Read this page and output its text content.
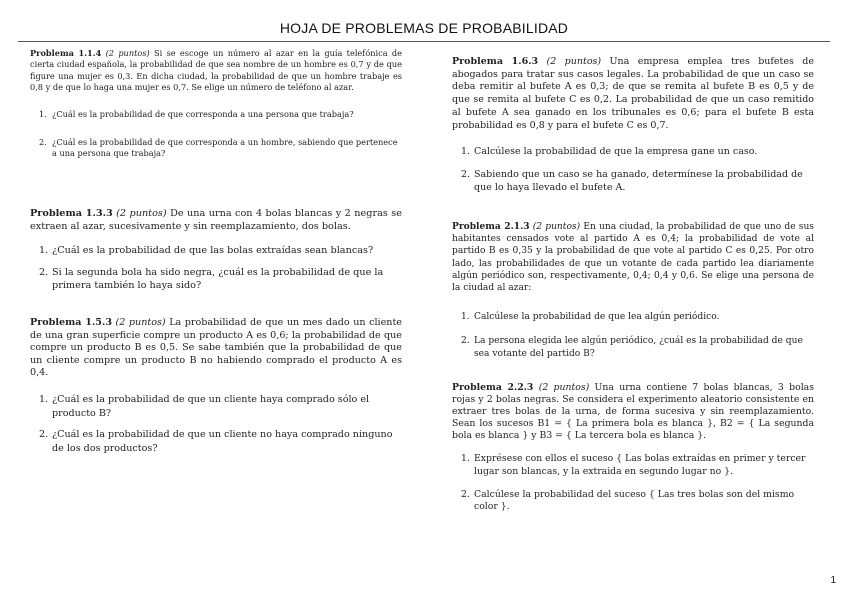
HOJA DE PROBLEMAS DE PROBABILIDAD

Problema 1.1.4 (2 puntos) Si se escoge un número al azar en la guía telefónica de cierta ciudad española, la probabilidad de que sea nombre de un hombre es 0,7 y de que figure una mujer es 0,3. En dicha ciudad, la probabilidad de que un hombre trabaje es 0,8 y de que lo haga una mujer es 0,7. Se elige un número de teléfono al azar.

1. ¿Cuál es la probabilidad de que corresponda a una persona que trabaja?
2. ¿Cuál es la probabilidad de que corresponda a un hombre, sabiendo que pertenece a una persona que trabaja?

Problema 1.3.3 (2 puntos) De una urna con 4 bolas blancas y 2 negras se extraen al azar, sucesivamente y sin reemplazamiento, dos bolas.

1. ¿Cuál es la probabilidad de que las bolas extraídas sean blancas?
2. Si la segunda bola ha sido negra, ¿cuál es la probabilidad de que la primera también lo haya sido?

Problema 1.5.3 (2 puntos) La probabilidad de que un mes dado un cliente de una gran superficie compre un producto A es 0,6; la probabilidad de que compre un producto B es 0,5. Se sabe también que la probabilidad de que un cliente compre un producto B no habiendo comprado el producto A es 0,4.

1. ¿Cuál es la probabilidad de que un cliente haya comprado sólo el producto B?
2. ¿Cuál es la probabilidad de que un cliente no haya comprado ninguno de los dos productos?

Problema 1.6.3 (2 puntos) Una empresa emplea tres bufetes de abogados para tratar sus casos legales. La probabilidad de que un caso se deba remitir al bufete A es 0,3; de que se remita al bufete B es 0,5 y de que se remita al bufete C es 0,2. La probabilidad de que un caso remitido al bufete A sea ganado en los tribunales es 0,6; para el bufete B esta probabilidad es 0,8 y para el bufete C es 0,7.

1. Calcúlese la probabilidad de que la empresa gane un caso.
2. Sabiendo que un caso se ha ganado, determínese la probabilidad de que lo haya llevado el bufete A.

Problema 2.1.3 (2 puntos) En una ciudad, la probabilidad de que uno de sus habitantes censados vote al partido A es 0,4; la probabilidad de vote al partido B es 0,35 y la probabilidad de que vote al partido C es 0,25. Por otro lado, las probabilidades de que un votante de cada partido lea diariamente algún periódico son, respectivamente, 0,4; 0,4 y 0,6. Se elige una persona de la ciudad al azar:

1. Calcúlese la probabilidad de que lea algún periódico.
2. La persona elegida lee algún periódico, ¿cuál es la probabilidad de que sea votante del partido B?

Problema 2.2.3 (2 puntos) Una urna contiene 7 bolas blancas, 3 bolas rojas y 2 bolas negras. Se considera el experimento aleatorio consistente en extraer tres bolas de la urna, de forma sucesiva y sin reemplazamiento. Sean los sucesos B1 = { La primera bola es blanca }, B2 = { La segunda bola es blanca } y B3 = { La tercera bola es blanca }.

1. Exprésese con ellos el suceso { Las bolas extraídas en primer y tercer lugar son blancas, y la extraida en segundo lugar no }.
2. Calcúlese la probabilidad del suceso { Las tres bolas son del mismo color }.
1
